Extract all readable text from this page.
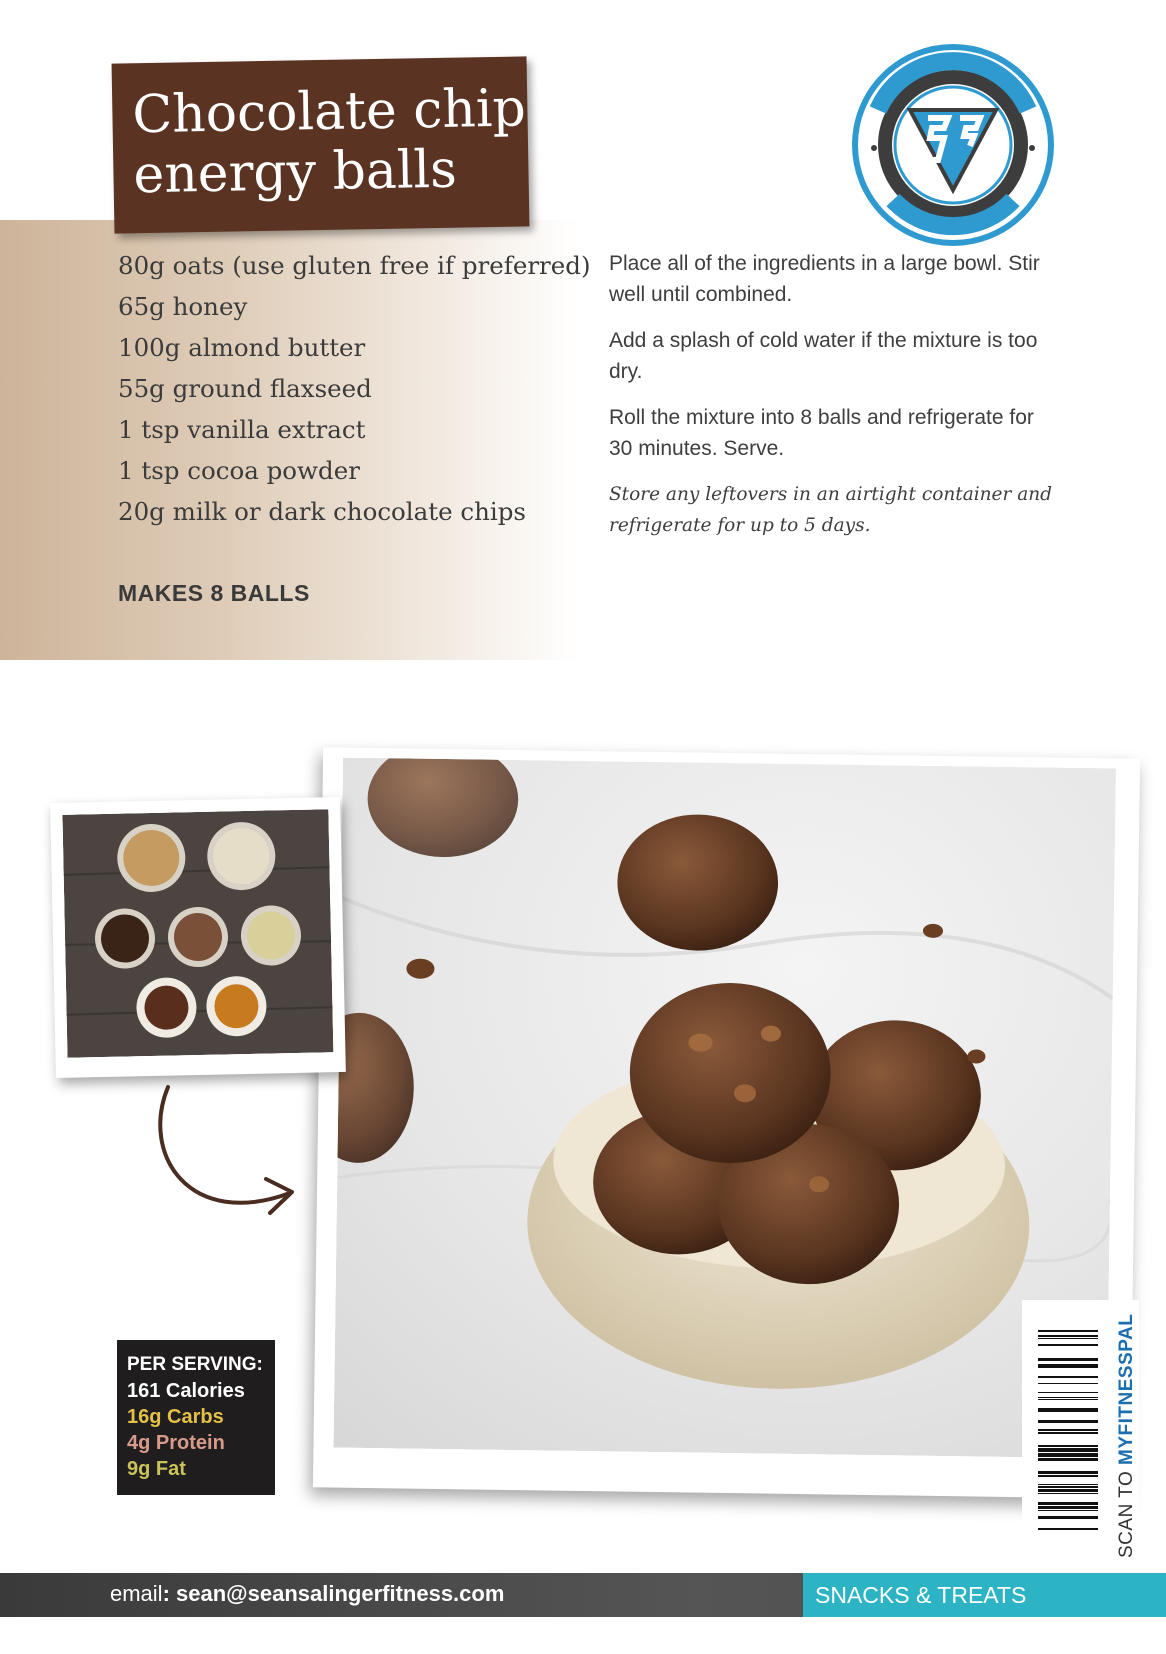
Chocolate chip
energy balls
80g oats (use gluten free if preferred)
65g honey
100g almond butter
55g ground flaxseed
1 tsp vanilla extract
1 tsp cocoa powder
20g milk or dark chocolate chips
MAKES 8 BALLS

Place all of the ingredients in a large bowl. Stir well until combined.

Add a splash of cold water if the mixture is too dry.

Roll the mixture into 8 balls and refrigerate for 30 minutes. Serve.

Store any leftovers in an airtight container and refrigerate for up to 5 days.

PER SERVING:
161 Calories
16g Carbs
4g Protein
9g Fat	SCAN TO MYFITNESSPAL
email: sean@seansalingerfitness.com	SNACKS & TREATS
